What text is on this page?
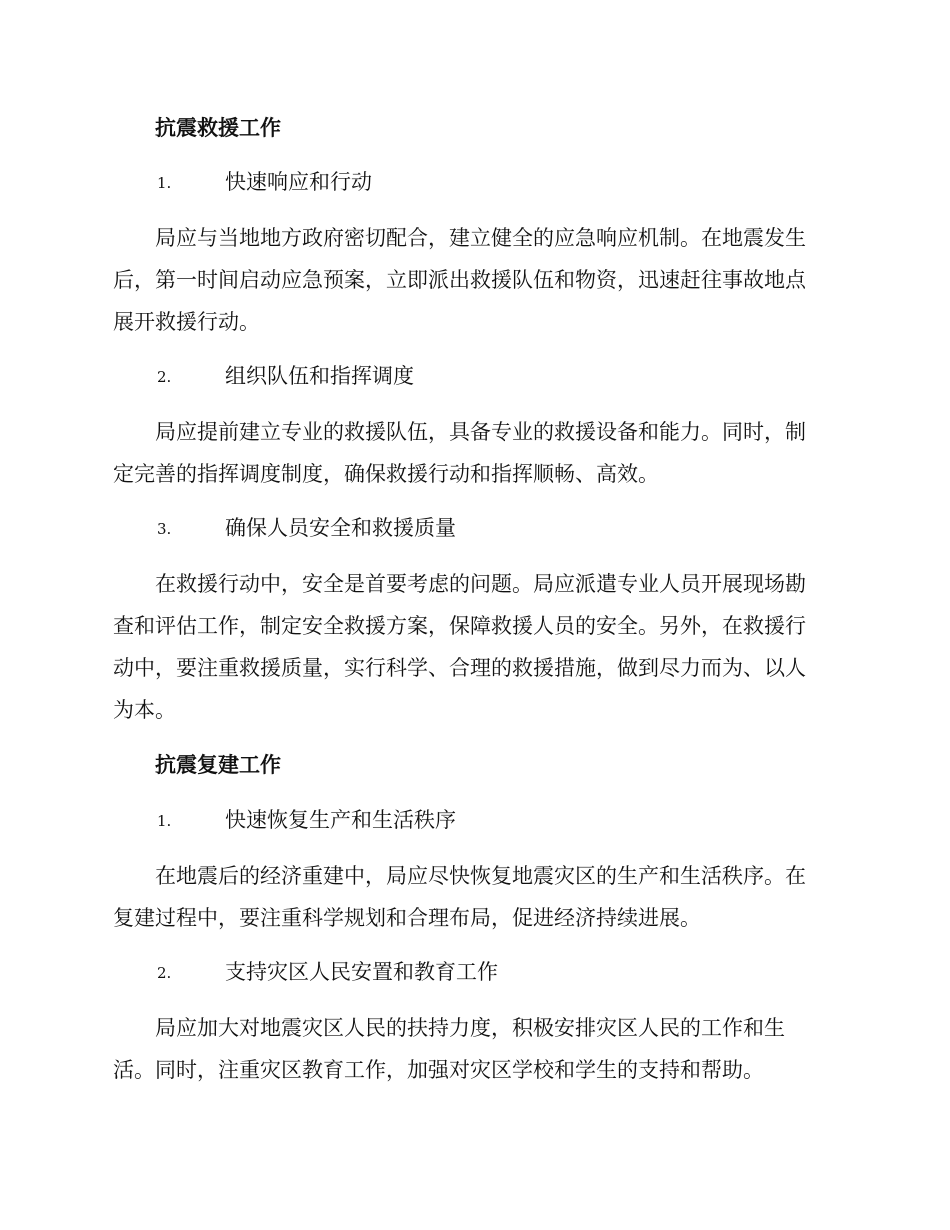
抗震救援工作
1.	快速响应和行动
局应与当地地方政府密切配合，建立健全的应急响应机制。在地震发生
后，第一时间启动应急预案，立即派出救援队伍和物资，迅速赶往事故地点
展开救援行动。
2.	组织队伍和指挥调度
局应提前建立专业的救援队伍，具备专业的救援设备和能力。同时，制
定完善的指挥调度制度，确保救援行动和指挥顺畅、高效。
3.	确保人员安全和救援质量
在救援行动中，安全是首要考虑的问题。局应派遣专业人员开展现场勘
查和评估工作，制定安全救援方案，保障救援人员的安全。另外，在救援行
动中，要注重救援质量，实行科学、合理的救援措施，做到尽力而为、以人
为本。
抗震复建工作
1.	快速恢复生产和生活秩序
在地震后的经济重建中，局应尽快恢复地震灾区的生产和生活秩序。在
复建过程中，要注重科学规划和合理布局，促进经济持续进展。
2.	支持灾区人民安置和教育工作
局应加大对地震灾区人民的扶持力度，积极安排灾区人民的工作和生
活。同时，注重灾区教育工作，加强对灾区学校和学生的支持和帮助。
